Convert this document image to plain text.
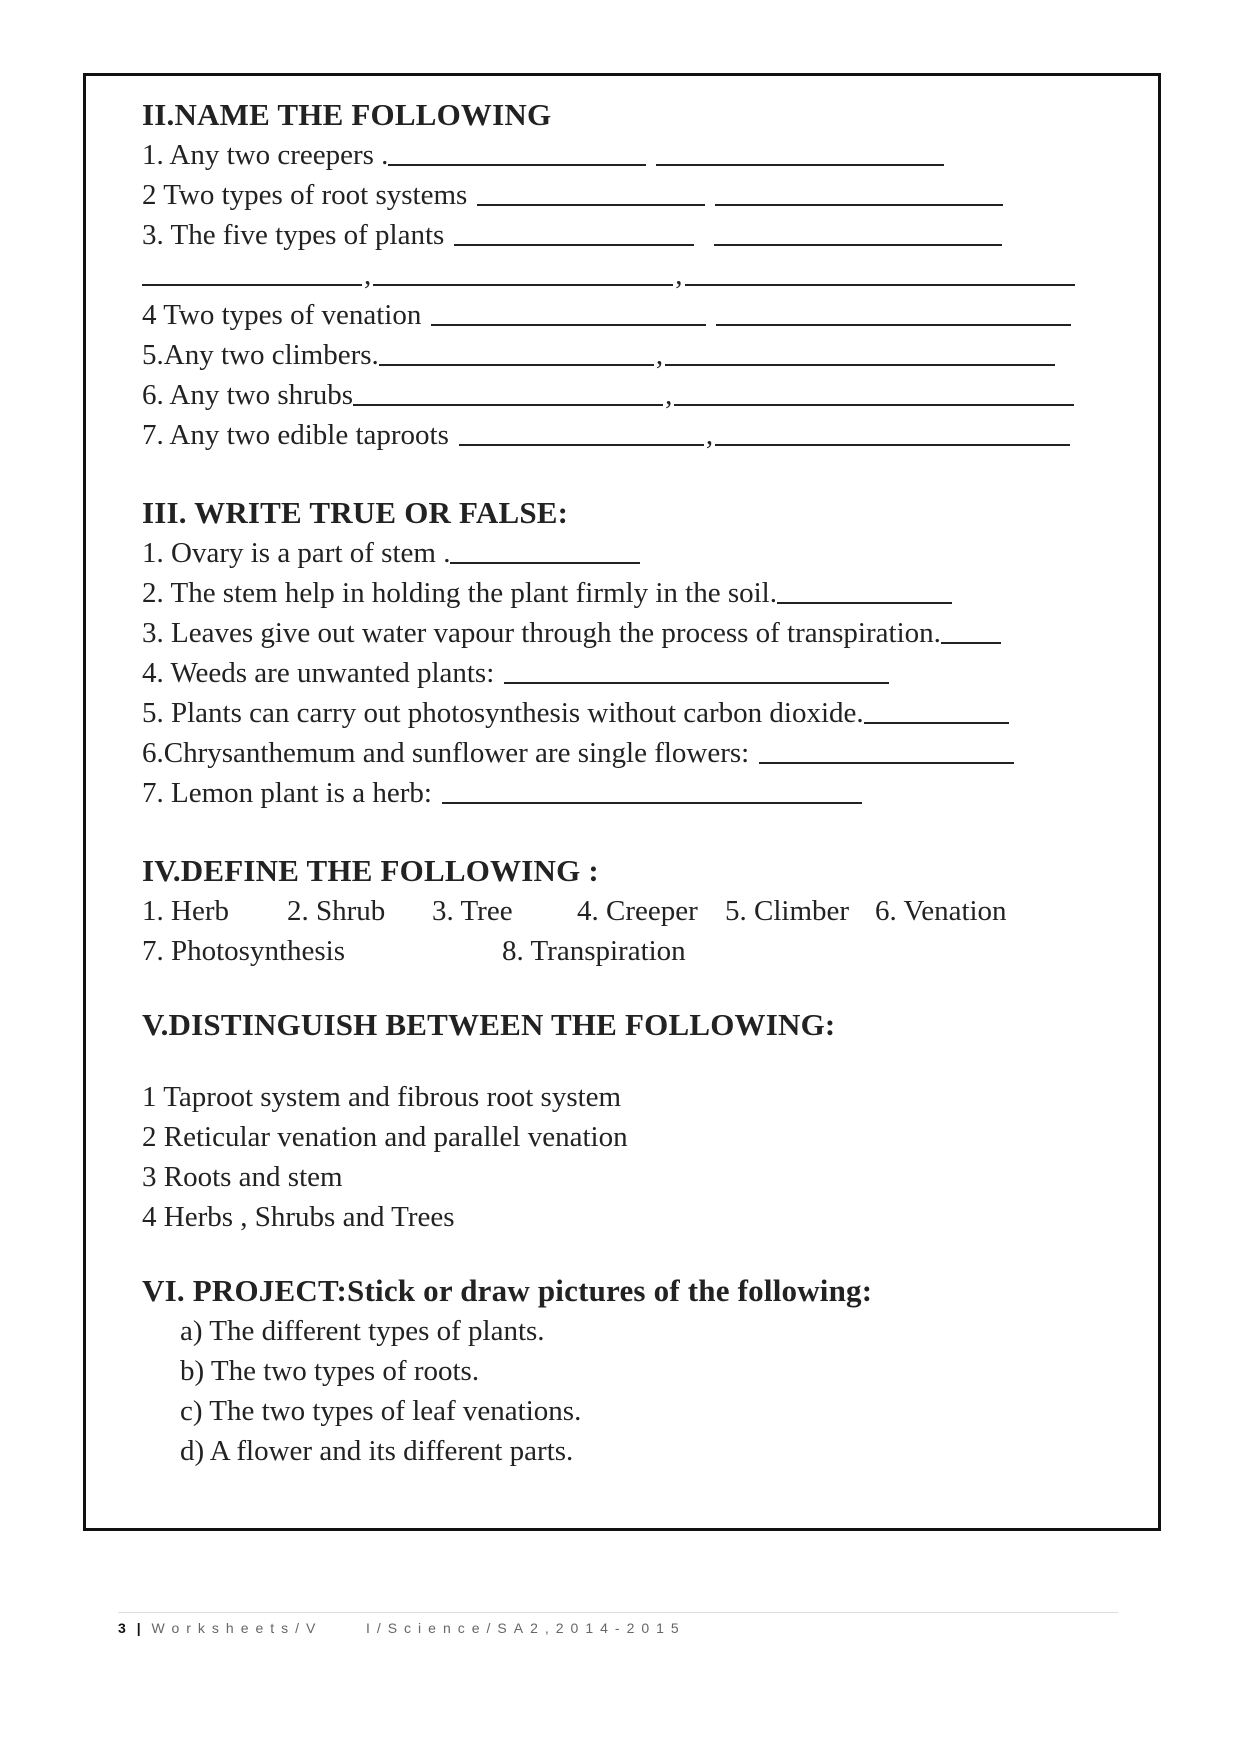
II.NAME THE FOLLOWING
1. Any two creepers .
2 Two types of root systems
3. The five types of plants
,	,
4 Two types of venation
5.Any two climbers.	,
6. Any two shrubs	,
7. Any two edible taproots	,
III. WRITE TRUE OR FALSE:
1. Ovary is a part of stem .
2. The stem help in holding the plant firmly in the soil.
3. Leaves give out water vapour through the process of transpiration.
4. Weeds are unwanted plants:
5. Plants can carry out photosynthesis without carbon dioxide.
6.Chrysanthemum and sunflower are single flowers:
7. Lemon plant is a herb:
IV.DEFINE THE FOLLOWING :
1. Herb	2. Shrub	3. Tree	4. Creeper 5. Climber 6. Venation
7. Photosynthesis	8. Transpiration
V.DISTINGUISH BETWEEN THE FOLLOWING:
1 Taproot system and fibrous root system
2 Reticular venation and parallel venation
3 Roots and stem
4 Herbs , Shrubs and Trees
VI. PROJECT:Stick or draw pictures of the following:
a) The different types of plants.
b) The two types of roots.
c) The two types of leaf venations.
d) A flower and its different parts.
3 | Worksheets/V    I/Science/SA2,2014-2015
